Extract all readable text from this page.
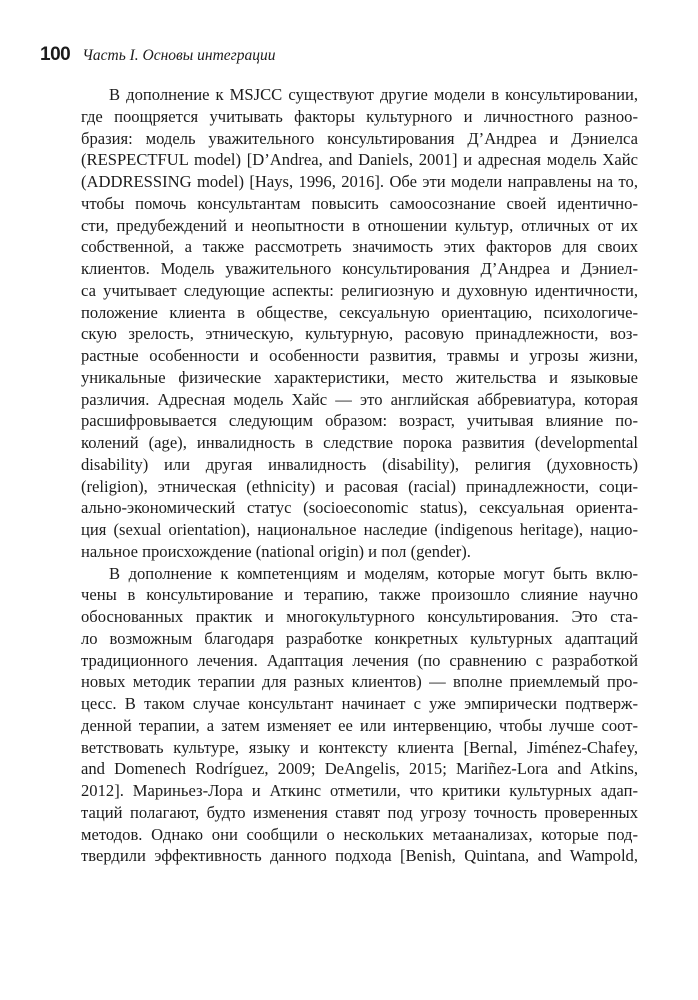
100 Часть I. Основы интеграции
В дополнение к MSJCC существуют другие модели в консультировании,
где поощряется учитывать факторы культурного и личностного разноо-
бразия: модель уважительного консультирования Д’Андреа и Дэниелса
(RESPECTFUL model) [D’Andrea, and Daniels, 2001] и адресная модель Хайс
(ADDRESSING model) [Hays, 1996, 2016]. Обе эти модели направлены на то,
чтобы помочь консультантам повысить самоосознание своей идентично-
сти, предубеждений и неопытности в отношении культур, отличных от их
собственной, а также рассмотреть значимость этих факторов для своих
клиентов. Модель уважительного консультирования Д’Андреа и Дэниел-
са учитывает следующие аспекты: религиозную и духовную идентичности,
положение клиента в обществе, сексуальную ориентацию, психологиче-
скую зрелость, этническую, культурную, расовую принадлежности, воз-
растные особенности и особенности развития, травмы и угрозы жизни,
уникальные физические характеристики, место жительства и языковые
различия. Адресная модель Хайс — это английская аббревиатура, которая
расшифровывается следующим образом: возраст, учитывая влияние по-
колений (age), инвалидность в следствие порока развития (developmental
disability) или другая инвалидность (disability), религия (духовность)
(religion), этническая (ethnicity) и расовая (racial) принадлежности, соци-
ально-экономический статус (socioeconomic status), сексуальная ориента-
ция (sexual orientation), национальное наследие (indigenous heritage), нацио-
нальное происхождение (national origin) и пол (gender).
В дополнение к компетенциям и моделям, которые могут быть вклю-
чены в консультирование и терапию, также произошло слияние научно
обоснованных практик и многокультурного консультирования. Это ста-
ло возможным благодаря разработке конкретных культурных адаптаций
традиционного лечения. Адаптация лечения (по сравнению с разработкой
новых методик терапии для разных клиентов) — вполне приемлемый про-
цесс. В таком случае консультант начинает с уже эмпирически подтверж-
денной терапии, а затем изменяет ее или интервенцию, чтобы лучше соот-
ветствовать культуре, языку и контексту клиента [Bernal, Jiménez-Chafey,
and Domenech Rodríguez, 2009; DeAngelis, 2015; Mariñez-Lora and Atkins,
2012]. Мариньез-Лора и Аткинс отметили, что критики культурных адап-
таций полагают, будто изменения ставят под угрозу точность проверенных
методов. Однако они сообщили о нескольких метаанализах, которые под-
твердили эффективность данного подхода [Benish, Quintana, and Wampold,
